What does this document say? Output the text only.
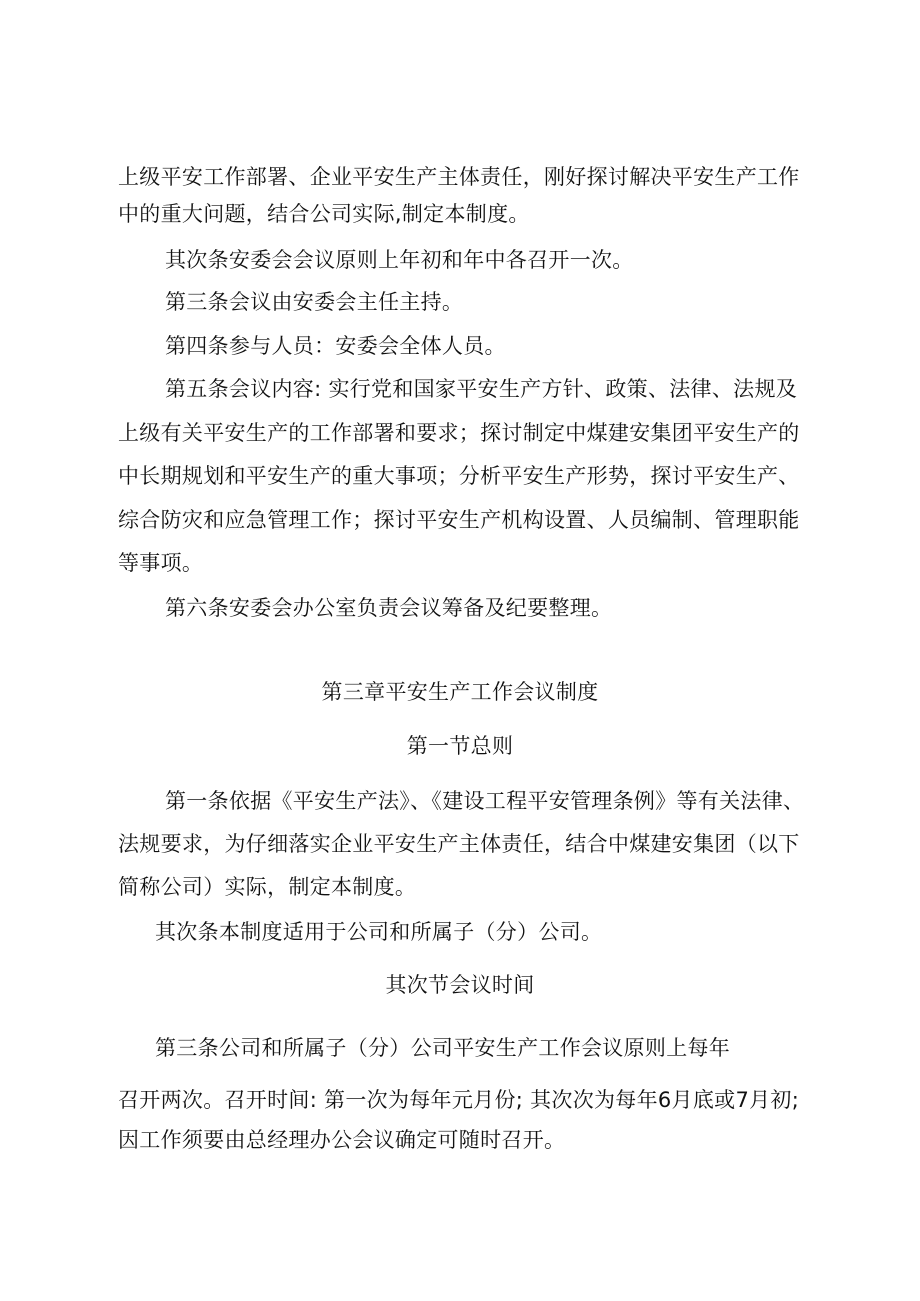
上级平安工作部署、企业平安生产主体责任，刚好探讨解决平安生产工作
中的重大问题，结合公司实际,制定本制度。
其次条安委会会议原则上年初和年中各召开一次。
第三条会议由安委会主任主持。
第四条参与人员：安委会全体人员。
第五条会议内容: 实行党和国家平安生产方针、政策、法律、法规及
上级有关平安生产的工作部署和要求；探讨制定中煤建安集团平安生产的
中长期规划和平安生产的重大事项；分析平安生产形势，探讨平安生产、
综合防灾和应急管理工作；探讨平安生产机构设置、人员编制、管理职能
等事项。
第六条安委会办公室负责会议筹备及纪要整理。
第三章平安生产工作会议制度
第一节总则
第一条依据《平安生产法》、《建设工程平安管理条例》等有关法律、
法规要求，为仔细落实企业平安生产主体责任，结合中煤建安集团（以下
简称公司）实际，制定本制度。
其次条本制度适用于公司和所属子（分）公司。
其次节会议时间
第三条公司和所属子（分）公司平安生产工作会议原则上每年
召开两次。召开时间: 第一次为每年元月份; 其次次为每年6月底或7月初;
因工作须要由总经理办公会议确定可随时召开。
